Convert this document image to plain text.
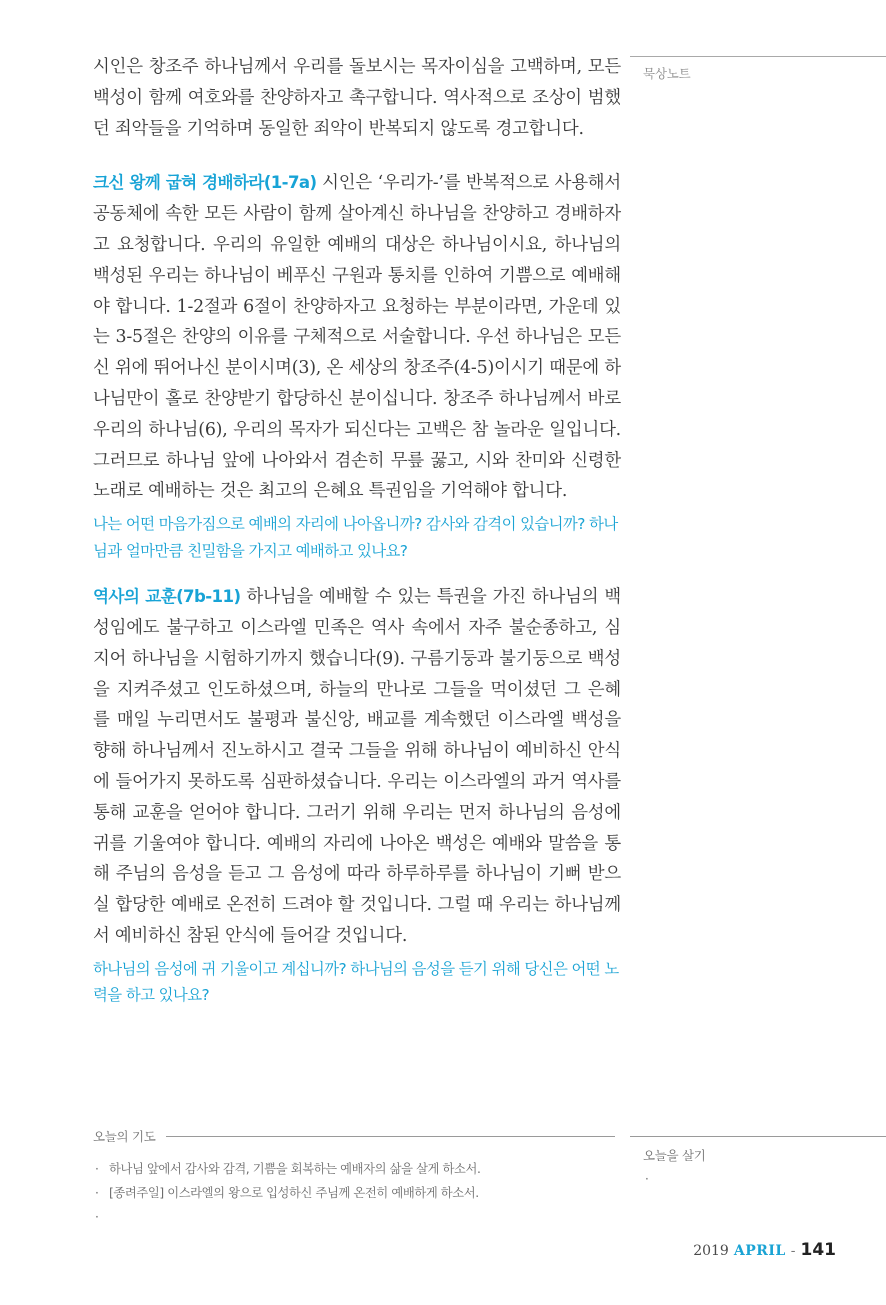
묵상노트

시인은 창조주 하나님께서 우리를 돌보시는 목자이심을 고백하며, 모든 백성이 함께 여호와를 찬양하자고 촉구합니다. 역사적으로 조상이 범했던 죄악들을 기억하며 동일한 죄악이 반복되지 않도록 경고합니다.

크신 왕께 굽혀 경배하라(1-7a) 시인은 ‘우리가-’를 반복적으로 사용해서 공동체에 속한 모든 사람이 함께 살아계신 하나님을 찬양하고 경배하자고 요청합니다. 우리의 유일한 예배의 대상은 하나님이시요, 하나님의 백성된 우리는 하나님이 베푸신 구원과 통치를 인하여 기쁨으로 예배해야 합니다. 1-2절과 6절이 찬양하자고 요청하는 부분이라면, 가운데 있는 3-5절은 찬양의 이유를 구체적으로 서술합니다. 우선 하나님은 모든 신 위에 뛰어나신 분이시며(3), 온 세상의 창조주(4-5)이시기 때문에 하나님만이 홀로 찬양받기 합당하신 분이십니다. 창조주 하나님께서 바로 우리의 하나님(6), 우리의 목자가 되신다는 고백은 참 놀라운 일입니다. 그러므로 하나님 앞에 나아와서 겸손히 무릎 꿇고, 시와 찬미와 신령한 노래로 예배하는 것은 최고의 은혜요 특권임을 기억해야 합니다.

나는 어떤 마음가짐으로 예배의 자리에 나아옵니까? 감사와 감격이 있습니까? 하나님과 얼마만큼 친밀함을 가지고 예배하고 있나요?

역사의 교훈(7b-11) 하나님을 예배할 수 있는 특권을 가진 하나님의 백성임에도 불구하고 이스라엘 민족은 역사 속에서 자주 불순종하고, 심지어 하나님을 시험하기까지 했습니다(9). 구름기둥과 불기둥으로 백성을 지켜주셨고 인도하셨으며, 하늘의 만나로 그들을 먹이셨던 그 은혜를 매일 누리면서도 불평과 불신앙, 배교를 계속했던 이스라엘 백성을 향해 하나님께서 진노하시고 결국 그들을 위해 하나님이 예비하신 안식에 들어가지 못하도록 심판하셨습니다. 우리는 이스라엘의 과거 역사를 통해 교훈을 얻어야 합니다. 그러기 위해 우리는 먼저 하나님의 음성에 귀를 기울여야 합니다. 예배의 자리에 나아온 백성은 예배와 말씀을 통해 주님의 음성을 듣고 그 음성에 따라 하루하루를 하나님이 기뻐 받으실 합당한 예배로 온전히 드려야 할 것입니다. 그럴 때 우리는 하나님께서 예비하신 참된 안식에 들어갈 것입니다.

하나님의 음성에 귀 기울이고 계십니까? 하나님의 음성을 듣기 위해 당신은 어떤 노력을 하고 있나요?

오늘의 기도
· 하나님 앞에서 감사와 감격, 기쁨을 회복하는 예배자의 삶을 살게 하소서.
· [종려주일] 이스라엘의 왕으로 입성하신 주님께 온전히 예배하게 하소서.
·
오늘을 살기
·
2019 APRIL - 141
